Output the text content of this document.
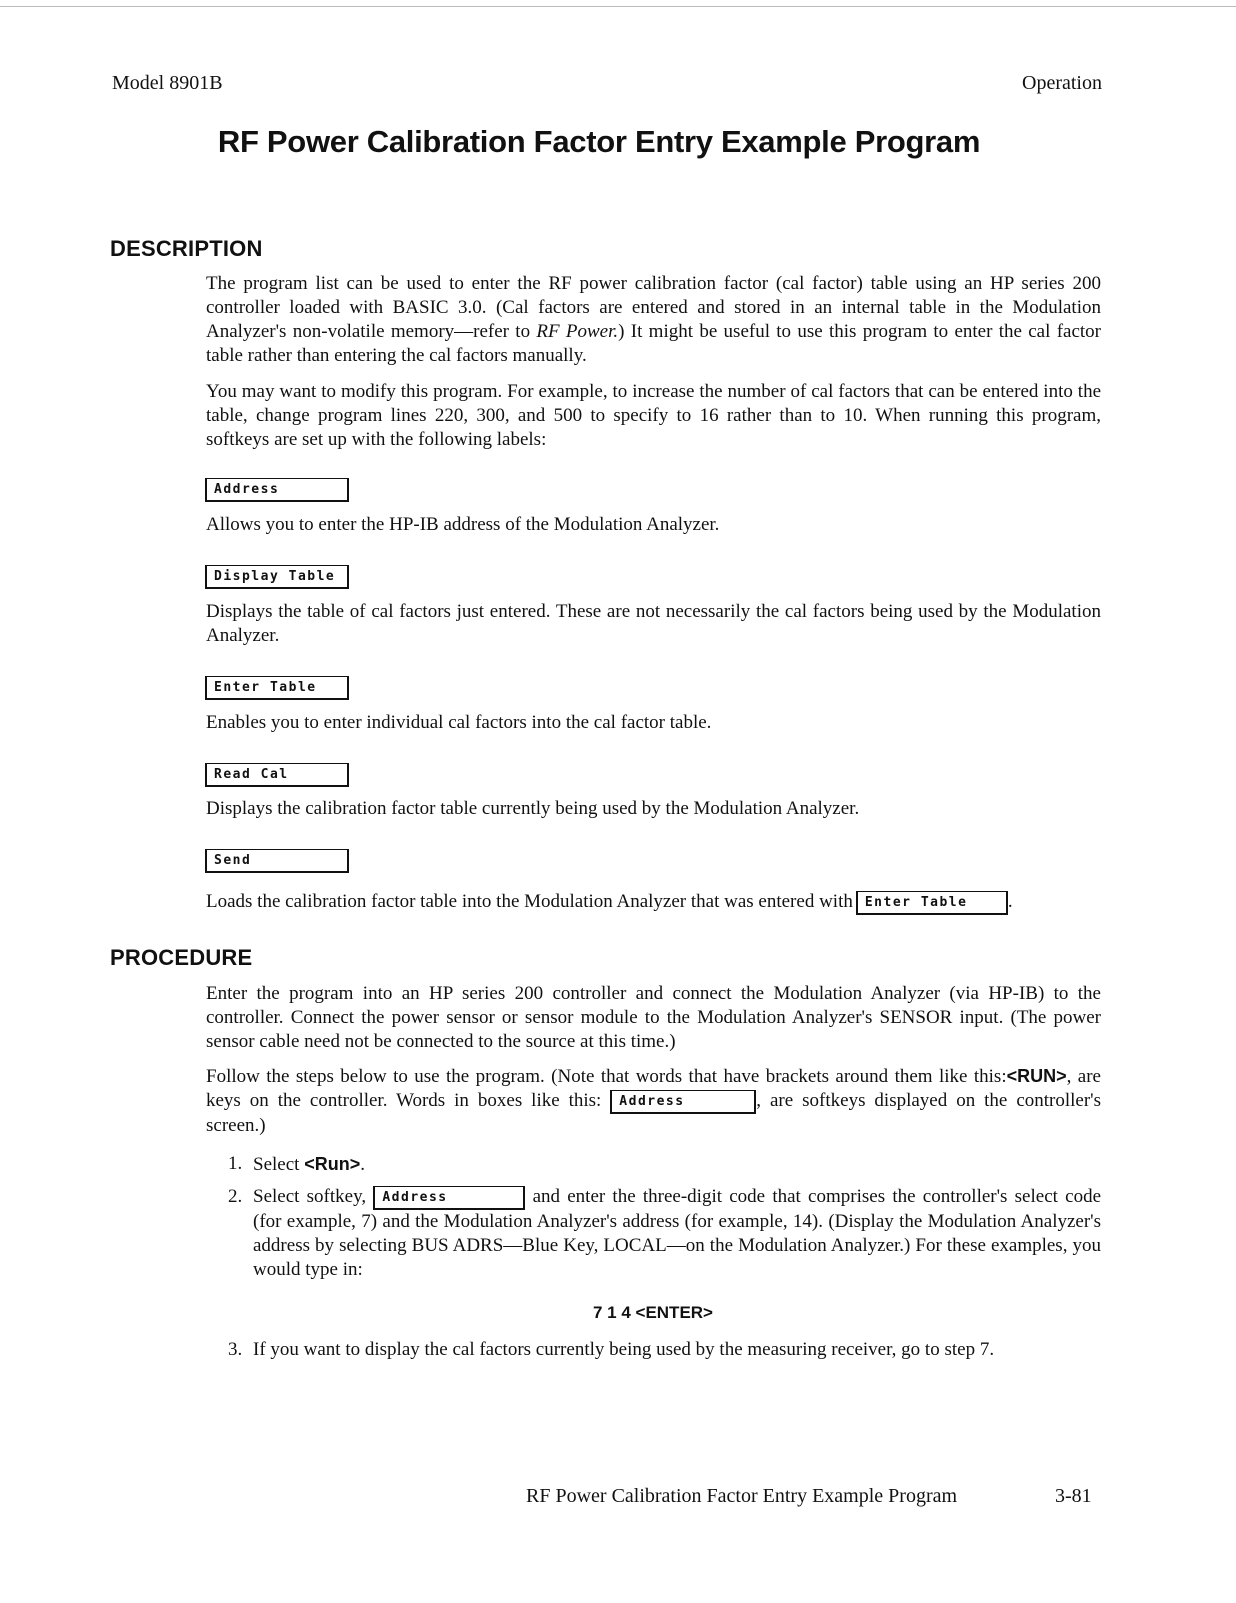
Model 8901B	Operation
RF Power Calibration Factor Entry Example Program
DESCRIPTION
The program list can be used to enter the RF power calibration factor (cal factor) table using an HP series 200 controller loaded with BASIC 3.0. (Cal factors are entered and stored in an internal table in the Modulation Analyzer's non-volatile memory—refer to RF Power.) It might be useful to use this program to enter the cal factor table rather than entering the cal factors manually.
You may want to modify this program. For example, to increase the number of cal factors that can be entered into the table, change program lines 220, 300, and 500 to specify to 16 rather than to 10. When running this program, softkeys are set up with the following labels:
Address
Allows you to enter the HP-IB address of the Modulation Analyzer.
Display Table
Displays the table of cal factors just entered. These are not necessarily the cal factors being used by the Modulation Analyzer.
Enter Table
Enables you to enter individual cal factors into the cal factor table.
Read Cal
Displays the calibration factor table currently being used by the Modulation Analyzer.
Send
Loads the calibration factor table into the Modulation Analyzer that was entered with Enter Table .
PROCEDURE
Enter the program into an HP series 200 controller and connect the Modulation Analyzer (via HP-IB) to the controller. Connect the power sensor or sensor module to the Modulation Analyzer's SENSOR input. (The power sensor cable need not be connected to the source at this time.)
Follow the steps below to use the program. (Note that words that have brackets around them like this:<RUN>, are keys on the controller. Words in boxes like this: Address	, are softkeys displayed on the controller's screen.)
1. Select <Run>.
2. Select softkey, Address	and enter the three-digit code that comprises the controller's select code (for example, 7) and the Modulation Analyzer's address (for example, 14). (Display the Modulation Analyzer's address by selecting BUS ADRS—Blue Key, LOCAL—on the Modulation Analyzer.) For these examples, you would type in:
7 1 4 <ENTER>
3. If you want to display the cal factors currently being used by the measuring receiver, go to step 7.
RF Power Calibration Factor Entry Example Program	3-81
